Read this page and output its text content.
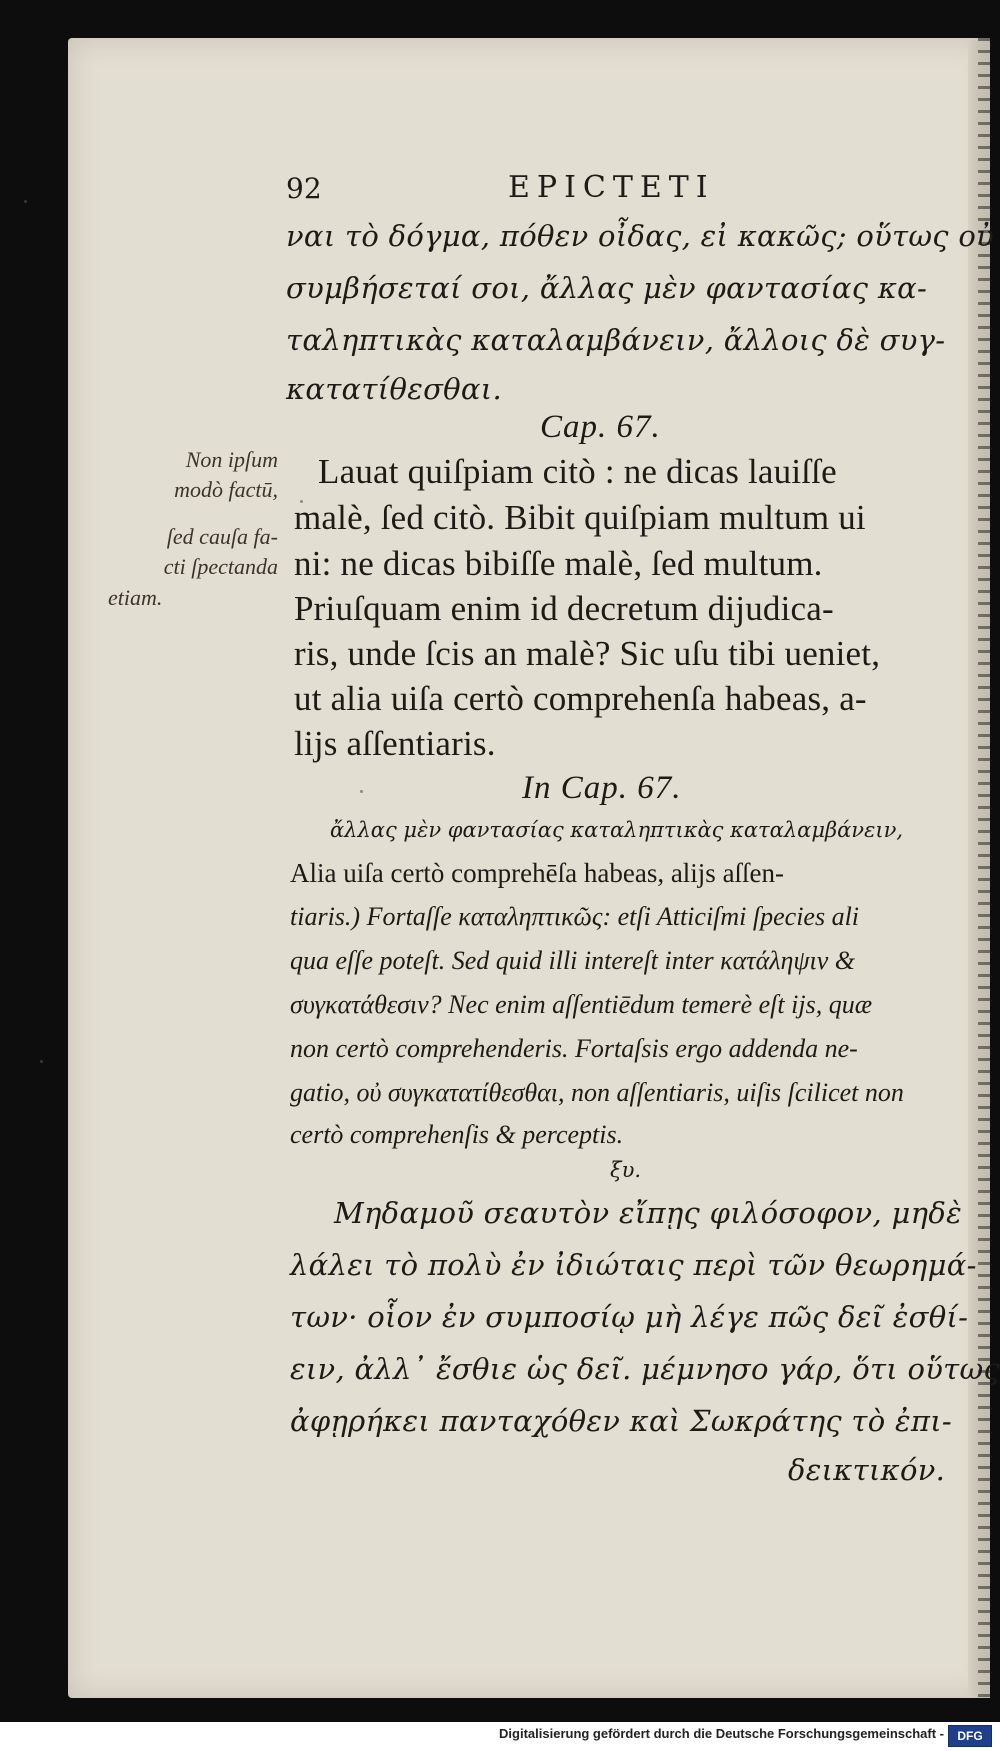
92	EPICTETI
ναι τὸ δόγμα, πόθεν οἶδας, εἰ κακῶς; οὕτως οὐ
συμβήσεταί σοι, ἄλλας μὲν φαντασίας κα-
ταληπτικὰς καταλαμβάνειν, ἄλλοις δὲ συγ-
κατατίθεσθαι.
Cap. 67.
Non ipſum
modò factū,
ſed cauſa fa-
cti ſpectanda
etiam.
Lauat quiſpiam citò : ne dicas lauiſſe
malè, ſed citò. Bibit quiſpiam multum ui
ni: ne dicas bibiſſe malè, ſed multum.
Priuſquam enim id decretum dijudica-
ris, unde ſcis an malè? Sic uſu tibi ueniet,
ut alia uiſa certò comprehenſa habeas, a-
lijs aſſentiaris.
In Cap. 67.
ἄλλας μὲν φαντασίας καταληπτικὰς καταλαμβάνειν,
Alia uiſa certò comprehēſa habeas, alijs aſſen-
tiaris.) Fortaſſe καταληπτικῶς: etſi Atticiſmi ſpecies ali
qua eſſe poteſt. Sed quid illi intereſt inter κατάληψιν &
συγκατάθεσιν? Nec enim aſſentiēdum temerè eſt ijs, quæ
non certò comprehenderis. Fortaſsis ergo addenda ne-
gatio, οὐ συγκατατίθεσθαι, non aſſentiaris, uiſis ſcilicet non
certò comprehenſis & perceptis.
ξυ.
Μηδαμοῦ σεαυτὸν εἴπῃς φιλόσοφον, μηδὲ
λάλει τὸ πολὺ ἐν ἰδιώταις περὶ τῶν θεωρημά-
των· οἷον ἐν συμποσίῳ μὴ λέγε πῶς δεῖ ἐσθί-
ειν, ἀλλ᾽ ἔσθιε ὡς δεῖ. μέμνησο γάρ, ὅτι οὕτως
ἀφῃρήκει πανταχόθεν καὶ Σωκράτης τὸ ἐπι-
δεικτικόν.
Digitalisierung gefördert durch die Deutsche Forschungsgemeinschaft -	DFG
